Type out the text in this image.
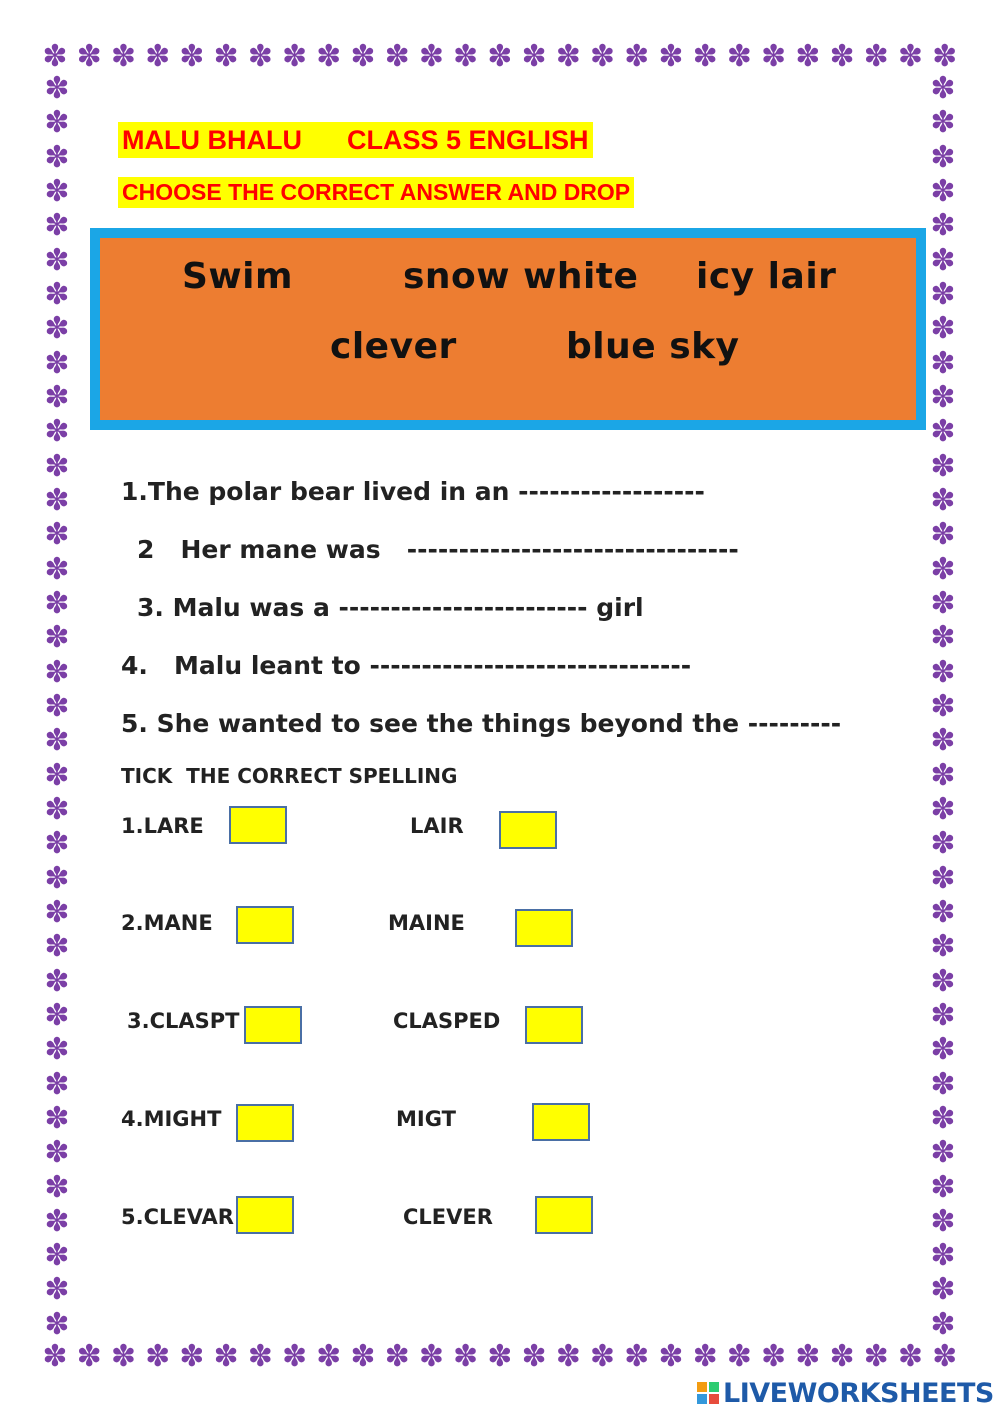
✽ ✽ ✽ ✽ ✽ ✽ ✽ ✽ ✽ ✽ ✽ ✽ ✽ ✽ ✽ ✽ ✽ ✽ ✽ ✽ ✽ ✽ ✽ ✽ ✽ ✽ ✽
✽ ✽ ✽ ✽ ✽ ✽ ✽ ✽ ✽ ✽ ✽ ✽ ✽ ✽ ✽ ✽ ✽ ✽ ✽ ✽ ✽ ✽ ✽ ✽ ✽ ✽ ✽
✽
✽
✽
✽
✽
✽
✽
✽
✽
✽
✽
✽
✽
✽
✽
✽
✽
✽
✽
✽
✽
✽
✽
✽
✽
✽
✽
✽
✽
✽
✽
✽
✽
✽
✽
✽
✽
✽
✽
✽
✽
✽
✽
✽
✽
✽
✽
✽
✽
✽
✽
✽
✽
✽
✽
✽
✽
✽
✽
✽
✽
✽
✽
✽
✽
✽
✽
✽
✽
✽
✽
✽
✽
✽
MALU BHALU      CLASS 5 ENGLISH
CHOOSE THE CORRECT ANSWER AND DROP
Swim	snow white icy lair
clever	blue sky
1.The polar bear lived in an ------------------
2   Her mane was   --------------------------------
3. Malu was a ------------------------ girl
4.   Malu leant to -------------------------------
5. She wanted to see the things beyond the ---------
TICK  THE CORRECT SPELLING
1.LARE	LAIR
2.MANE	MAINE
3.CLASPT	CLASPED
4.MIGHT	MIGT
5.CLEVAR	CLEVER
LIVEWORKSHEETS
